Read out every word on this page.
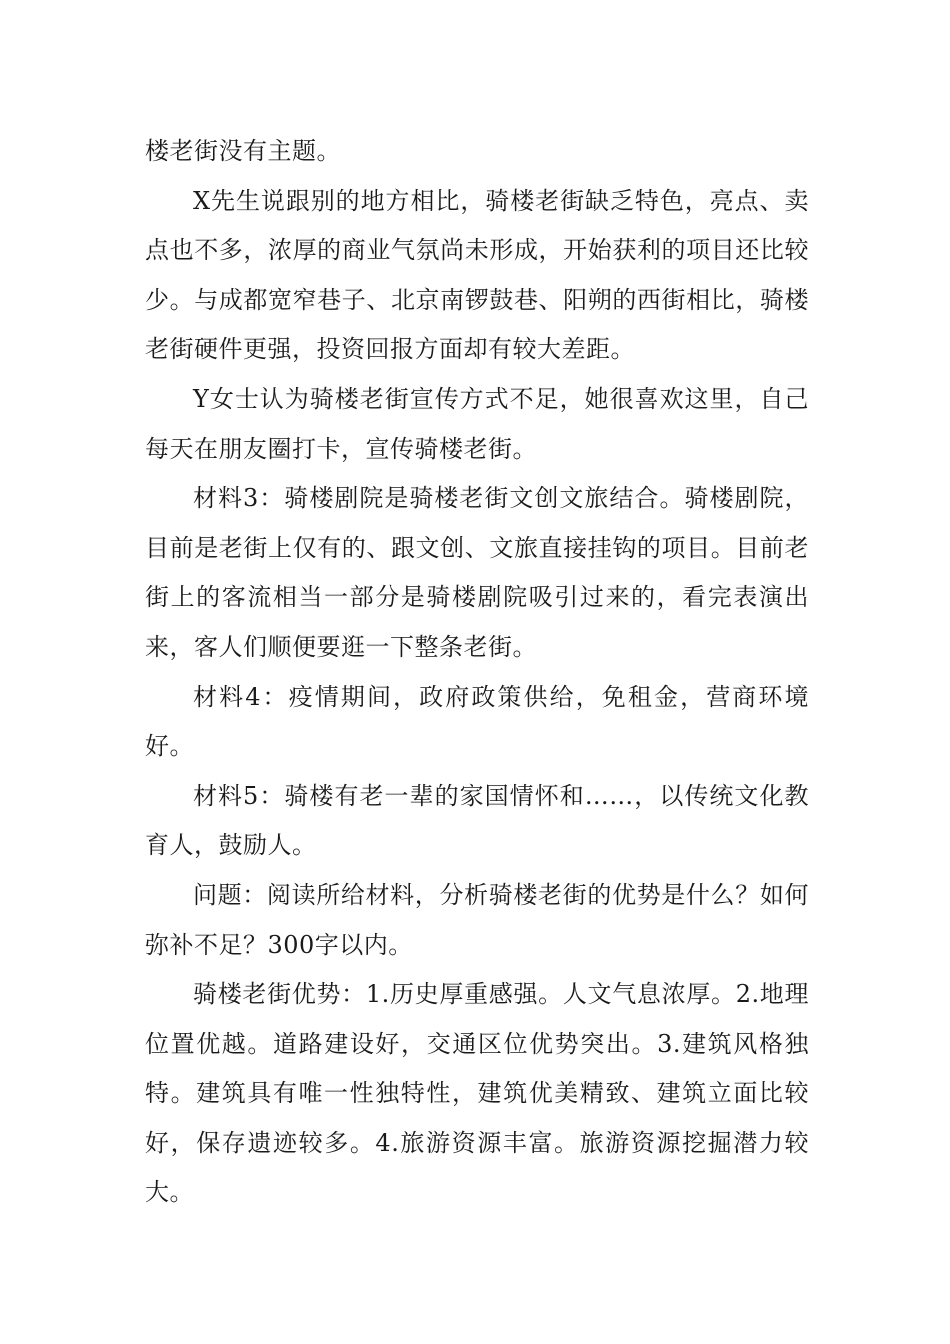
楼老街没有主题。

X先生说跟别的地方相比，骑楼老街缺乏特色，亮点、卖点也不多，浓厚的商业气氛尚未形成，开始获利的项目还比较少。与成都宽窄巷子、北京南锣鼓巷、阳朔的西街相比，骑楼老街硬件更强，投资回报方面却有较大差距。

Y女士认为骑楼老街宣传方式不足，她很喜欢这里，自己每天在朋友圈打卡，宣传骑楼老街。

材料3：骑楼剧院是骑楼老街文创文旅结合。骑楼剧院，目前是老街上仅有的、跟文创、文旅直接挂钩的项目。目前老街上的客流相当一部分是骑楼剧院吸引过来的，看完表演出来，客人们顺便要逛一下整条老街。

材料4：疫情期间，政府政策供给，免租金，营商环境好。

材料5：骑楼有老一辈的家国情怀和……，以传统文化教育人，鼓励人。

问题：阅读所给材料，分析骑楼老街的优势是什么？如何弥补不足？300字以内。

骑楼老街优势：1.历史厚重感强。人文气息浓厚。2.地理位置优越。道路建设好，交通区位优势突出。3.建筑风格独特。建筑具有唯一性独特性，建筑优美精致、建筑立面比较好，保存遗迹较多。4.旅游资源丰富。旅游资源挖掘潜力较大。
